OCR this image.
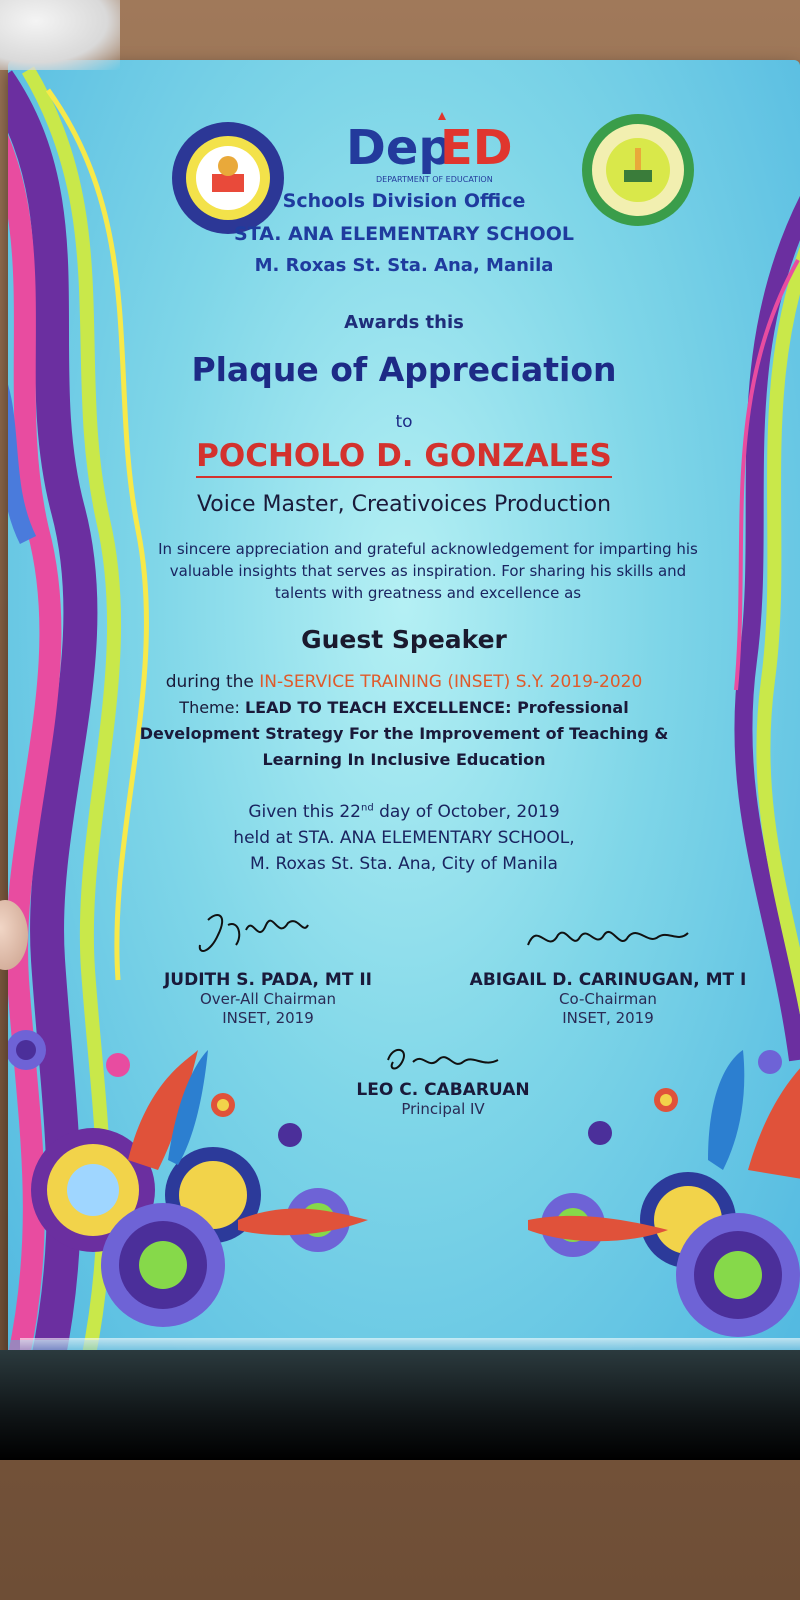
Dep
ED
DEPARTMENT OF EDUCATION
Schools Division Office
STA. ANA ELEMENTARY SCHOOL
M. Roxas St. Sta. Ana, Manila
Awards this
Plaque of Appreciation
to
POCHOLO D. GONZALES
Voice Master, Creativoices Production
In sincere appreciation and grateful acknowledgement for imparting his valuable insights that serves as inspiration. For sharing his skills and talents with greatness and excellence as
Guest Speaker
during the IN-SERVICE TRAINING (INSET) S.Y. 2019-2020
Theme: LEAD TO TEACH EXCELLENCE: Professional
Development Strategy For the Improvement of Teaching &
Learning In Inclusive Education
Given this 22nd day of October, 2019
held at STA. ANA ELEMENTARY SCHOOL,
M. Roxas St. Sta. Ana, City of Manila
JUDITH S. PADA, MT II
Over-All Chairman
INSET, 2019
ABIGAIL D. CARINUGAN, MT I
Co-Chairman
INSET, 2019
LEO C. CABARUAN
Principal IV
